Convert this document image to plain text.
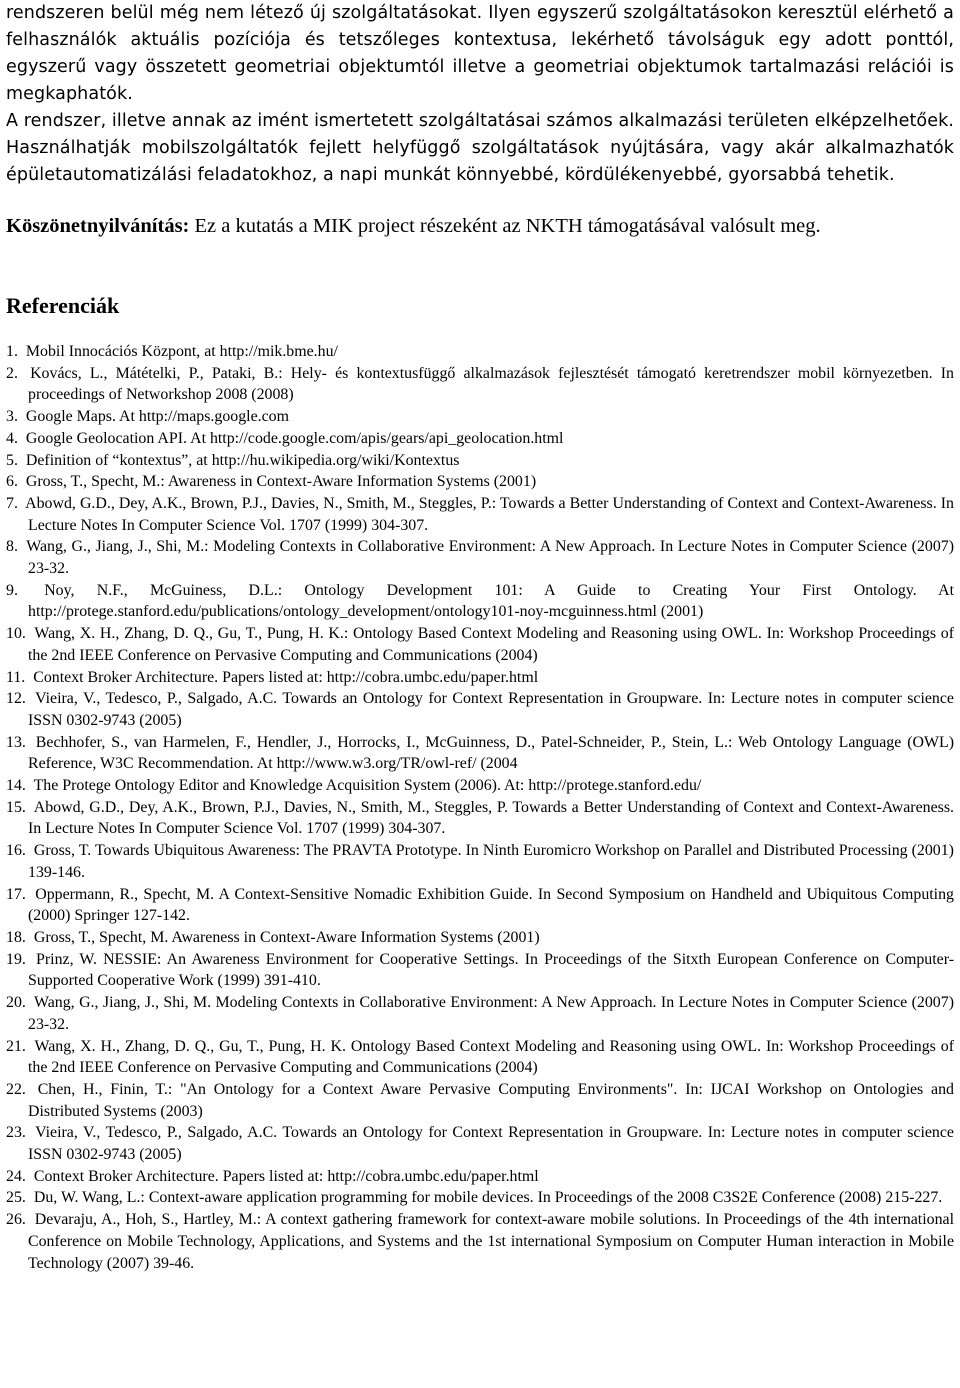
rendszeren belül még nem létező új szolgáltatásokat. Ilyen egyszerű szolgáltatásokon keresztül elérhető a felhasználók aktuális pozíciója és tetszőleges kontextusa, lekérhető távolságuk egy adott ponttól, egyszerű vagy összetett geometriai objektumtól illetve a geometriai objektumok tartalmazási relációi is megkaphatók.

A rendszer, illetve annak az imént ismertetett szolgáltatásai számos alkalmazási területen elképzelhetőek. Használhatják mobilszolgáltatók fejlett helyfüggő szolgáltatások nyújtására, vagy akár alkalmazhatók épületautomatizálási feladatokhoz, a napi munkát könnyebbé, kördülékenyebbé, gyorsabbá tehetik.

Köszönetnyilvánítás: Ez a kutatás a MIK project részeként az NKTH támogatásával valósult meg.

Referenciák
1. Mobil Innocációs Központ, at http://mik.bme.hu/
2. Kovács, L., Mátételki, P., Pataki, B.: Hely- és kontextusfüggő alkalmazások fejlesztését támogató keretrendszer mobil környezetben. In proceedings of Networkshop 2008 (2008)
3. Google Maps. At http://maps.google.com
4. Google Geolocation API. At http://code.google.com/apis/gears/api_geolocation.html
5. Definition of “kontextus”, at http://hu.wikipedia.org/wiki/Kontextus
6. Gross, T., Specht, M.: Awareness in Context-Aware Information Systems (2001)
7. Abowd, G.D., Dey, A.K., Brown, P.J., Davies, N., Smith, M., Steggles, P.: Towards a Better Understanding of Context and Context-Awareness. In Lecture Notes In Computer Science Vol. 1707 (1999) 304-307.
8. Wang, G., Jiang, J., Shi, M.: Modeling Contexts in Collaborative Environment: A New Approach. In Lecture Notes in Computer Science (2007) 23-32.
9. Noy, N.F., McGuiness, D.L.: Ontology Development 101: A Guide to Creating Your First Ontology. At http://protege.stanford.edu/publications/ontology_development/ontology101-noy-mcguinness.html (2001)
10. Wang, X. H., Zhang, D. Q., Gu, T., Pung, H. K.: Ontology Based Context Modeling and Reasoning using OWL. In: Workshop Proceedings of the 2nd IEEE Conference on Pervasive Computing and Communications (2004)
11. Context Broker Architecture. Papers listed at: http://cobra.umbc.edu/paper.html
12. Vieira, V., Tedesco, P., Salgado, A.C. Towards an Ontology for Context Representation in Groupware. In: Lecture notes in computer science ISSN 0302-9743 (2005)
13. Bechhofer, S., van Harmelen, F., Hendler, J., Horrocks, I., McGuinness, D., Patel-Schneider, P., Stein, L.: Web Ontology Language (OWL) Reference, W3C Recommendation. At http://www.w3.org/TR/owl-ref/ (2004
14. The Protege Ontology Editor and Knowledge Acquisition System (2006). At: http://protege.stanford.edu/
15. Abowd, G.D., Dey, A.K., Brown, P.J., Davies, N., Smith, M., Steggles, P. Towards a Better Understanding of Context and Context-Awareness. In Lecture Notes In Computer Science Vol. 1707 (1999) 304-307.
16. Gross, T. Towards Ubiquitous Awareness: The PRAVTA Prototype. In Ninth Euromicro Workshop on Parallel and Distributed Processing (2001) 139-146.
17. Oppermann, R., Specht, M. A Context-Sensitive Nomadic Exhibition Guide. In Second Symposium on Handheld and Ubiquitous Computing (2000) Springer 127-142.
18. Gross, T., Specht, M. Awareness in Context-Aware Information Systems (2001)
19. Prinz, W. NESSIE: An Awareness Environment for Cooperative Settings. In Proceedings of the Sitxth European Conference on Computer-Supported Cooperative Work (1999) 391-410.
20. Wang, G., Jiang, J., Shi, M. Modeling Contexts in Collaborative Environment: A New Approach. In Lecture Notes in Computer Science (2007) 23-32.
21. Wang, X. H., Zhang, D. Q., Gu, T., Pung, H. K. Ontology Based Context Modeling and Reasoning using OWL. In: Workshop Proceedings of the 2nd IEEE Conference on Pervasive Computing and Communications (2004)
22. Chen, H., Finin, T.: "An Ontology for a Context Aware Pervasive Computing Environments". In: IJCAI Workshop on Ontologies and Distributed Systems (2003)
23. Vieira, V., Tedesco, P., Salgado, A.C. Towards an Ontology for Context Representation in Groupware. In: Lecture notes in computer science ISSN 0302-9743 (2005)
24. Context Broker Architecture. Papers listed at: http://cobra.umbc.edu/paper.html
25. Du, W. Wang, L.: Context-aware application programming for mobile devices. In Proceedings of the 2008 C3S2E Conference (2008) 215-227.
26. Devaraju, A., Hoh, S., Hartley, M.: A context gathering framework for context-aware mobile solutions. In Proceedings of the 4th international Conference on Mobile Technology, Applications, and Systems and the 1st international Symposium on Computer Human interaction in Mobile Technology (2007) 39-46.
